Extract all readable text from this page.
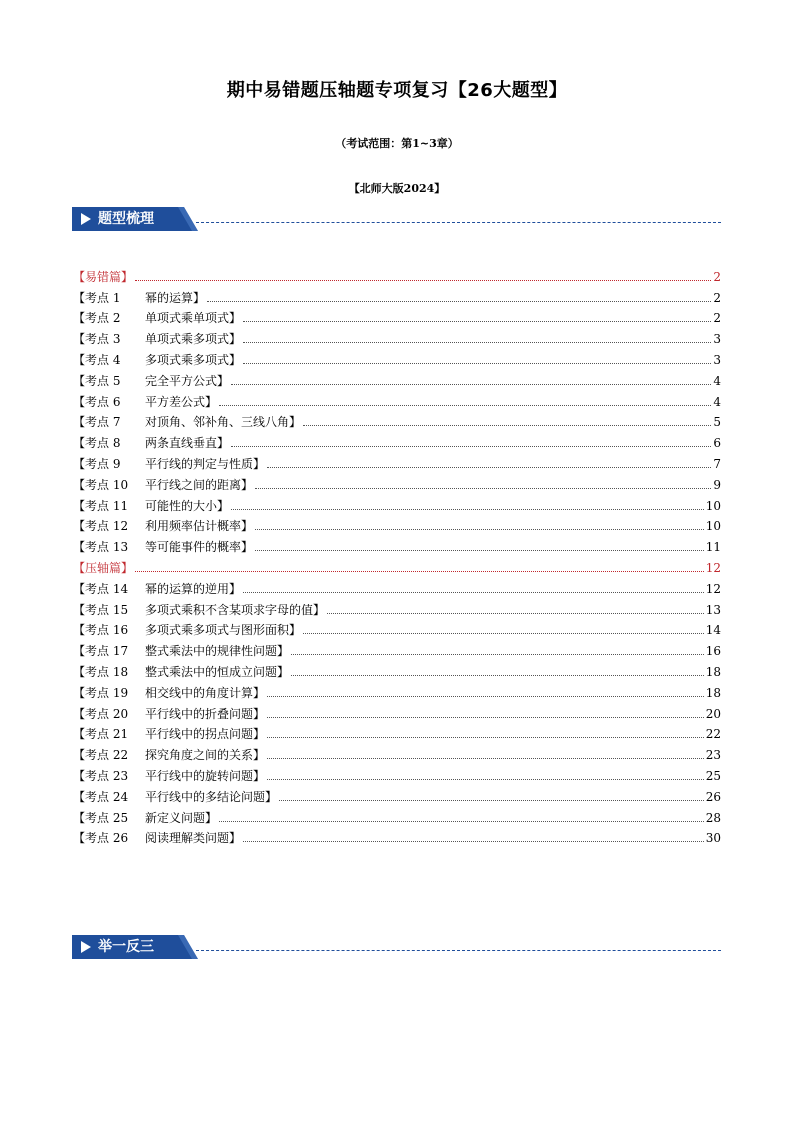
期中易错题压轴题专项复习【26大题型】
（考试范围：第1~3章）
【北师大版2024】
题型梳理
【易错篇】	2
【考点 1	幂的运算】	2
【考点 2	单项式乘单项式】	2
【考点 3	单项式乘多项式】	3
【考点 4	多项式乘多项式】	3
【考点 5	完全平方公式】	4
【考点 6	平方差公式】	4
【考点 7	对顶角、邻补角、三线八角】	5
【考点 8	两条直线垂直】	6
【考点 9	平行线的判定与性质】	7
【考点 10	平行线之间的距离】	9
【考点 11	可能性的大小】	10
【考点 12	利用频率估计概率】	10
【考点 13	等可能事件的概率】	11
【压轴篇】	12
【考点 14	幂的运算的逆用】	12
【考点 15	多项式乘积不含某项求字母的值】	13
【考点 16	多项式乘多项式与图形面积】	14
【考点 17	整式乘法中的规律性问题】	16
【考点 18	整式乘法中的恒成立问题】	18
【考点 19	相交线中的角度计算】	18
【考点 20	平行线中的折叠问题】	20
【考点 21	平行线中的拐点问题】	22
【考点 22	探究角度之间的关系】	23
【考点 23	平行线中的旋转问题】	25
【考点 24	平行线中的多结论问题】	26
【考点 25	新定义问题】	28
【考点 26	阅读理解类问题】	30
举一反三
